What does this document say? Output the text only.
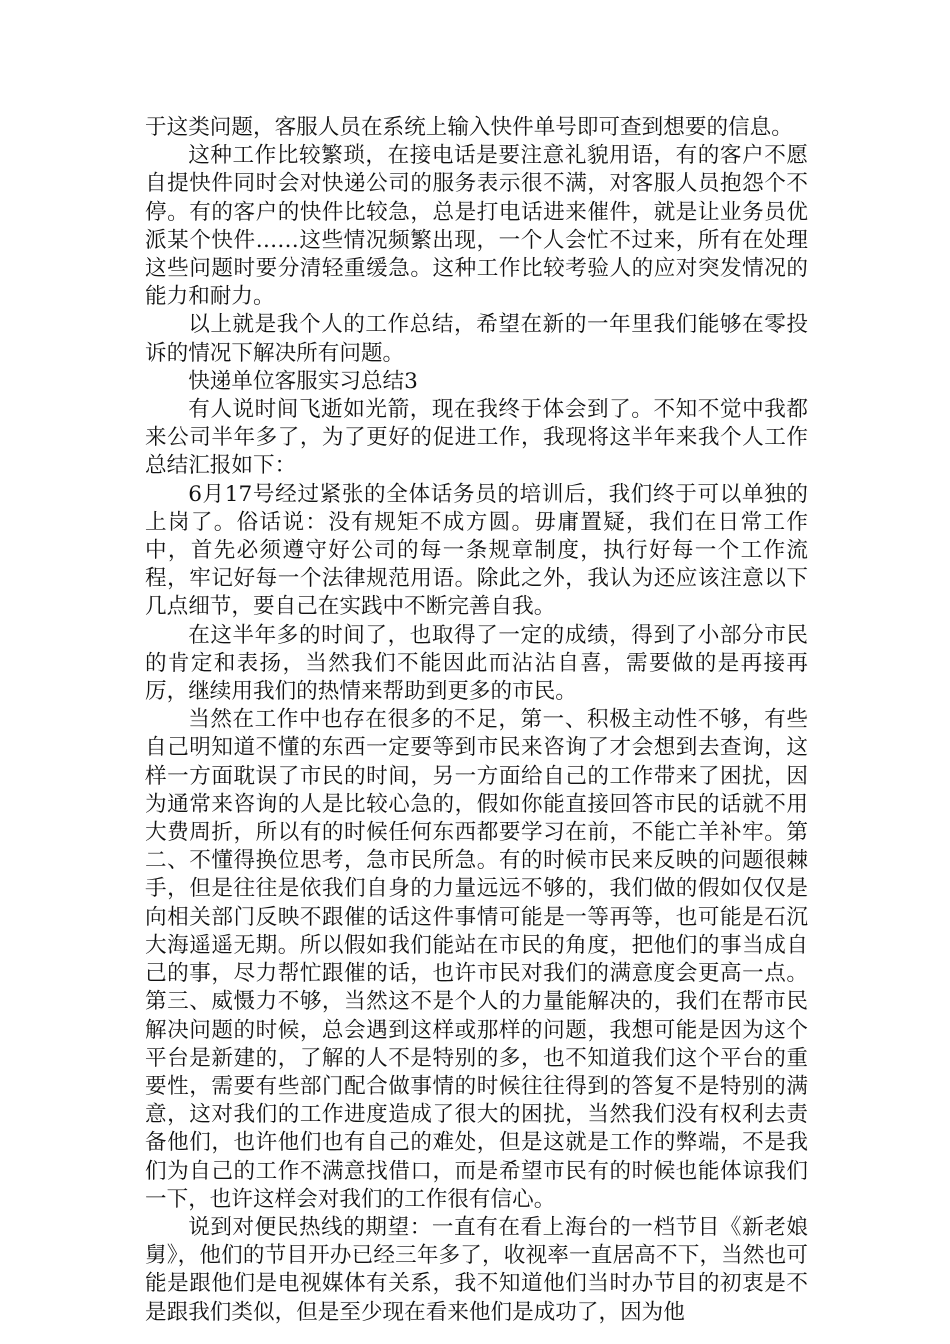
于这类问题，客服人员在系统上输入快件单号即可查到想要的信息。

这种工作比较繁琐，在接电话是要注意礼貌用语，有的客户不愿自提快件同时会对快递公司的服务表示很不满，对客服人员抱怨个不停。有的客户的快件比较急，总是打电话进来催件，就是让业务员优派某个快件……这些情况频繁出现，一个人会忙不过来，所有在处理这些问题时要分清轻重缓急。这种工作比较考验人的应对突发情况的能力和耐力。

以上就是我个人的工作总结，希望在新的一年里我们能够在零投诉的情况下解决所有问题。

快递单位客服实习总结3

有人说时间飞逝如光箭，现在我终于体会到了。不知不觉中我都来公司半年多了，为了更好的促进工作，我现将这半年来我个人工作总结汇报如下：

6月17号经过紧张的全体话务员的培训后，我们终于可以单独的上岗了。俗话说：没有规矩不成方圆。毋庸置疑，我们在日常工作中，首先必须遵守好公司的每一条规章制度，执行好每一个工作流程，牢记好每一个法律规范用语。除此之外，我认为还应该注意以下几点细节，要自己在实践中不断完善自我。

在这半年多的时间了，也取得了一定的成绩，得到了小部分市民的肯定和表扬，当然我们不能因此而沾沾自喜，需要做的是再接再厉，继续用我们的热情来帮助到更多的市民。

当然在工作中也存在很多的不足，第一、积极主动性不够，有些自己明知道不懂的东西一定要等到市民来咨询了才会想到去查询，这样一方面耽误了市民的时间，另一方面给自己的工作带来了困扰，因为通常来咨询的人是比较心急的，假如你能直接回答市民的话就不用大费周折，所以有的时候任何东西都要学习在前，不能亡羊补牢。第二、不懂得换位思考，急市民所急。有的时候市民来反映的问题很棘手，但是往往是依我们自身的力量远远不够的，我们做的假如仅仅是向相关部门反映不跟催的话这件事情可能是一等再等，也可能是石沉大海遥遥无期。所以假如我们能站在市民的角度，把他们的事当成自己的事，尽力帮忙跟催的话，也许市民对我们的满意度会更高一点。第三、威慑力不够，当然这不是个人的力量能解决的，我们在帮市民解决问题的时候，总会遇到这样或那样的问题，我想可能是因为这个平台是新建的，了解的人不是特别的多，也不知道我们这个平台的重要性，需要有些部门配合做事情的时候往往得到的答复不是特别的满意，这对我们的工作进度造成了很大的困扰，当然我们没有权利去责备他们，也许他们也有自己的难处，但是这就是工作的弊端，不是我们为自己的工作不满意找借口，而是希望市民有的时候也能体谅我们一下，也许这样会对我们的工作很有信心。

说到对便民热线的期望：一直有在看上海台的一档节目《新老娘舅》，他们的节目开办已经三年多了，收视率一直居高不下，当然也可能是跟他们是电视媒体有关系，我不知道他们当时办节目的初衷是不是跟我们类似，但是至少现在看来他们是成功了，因为他
